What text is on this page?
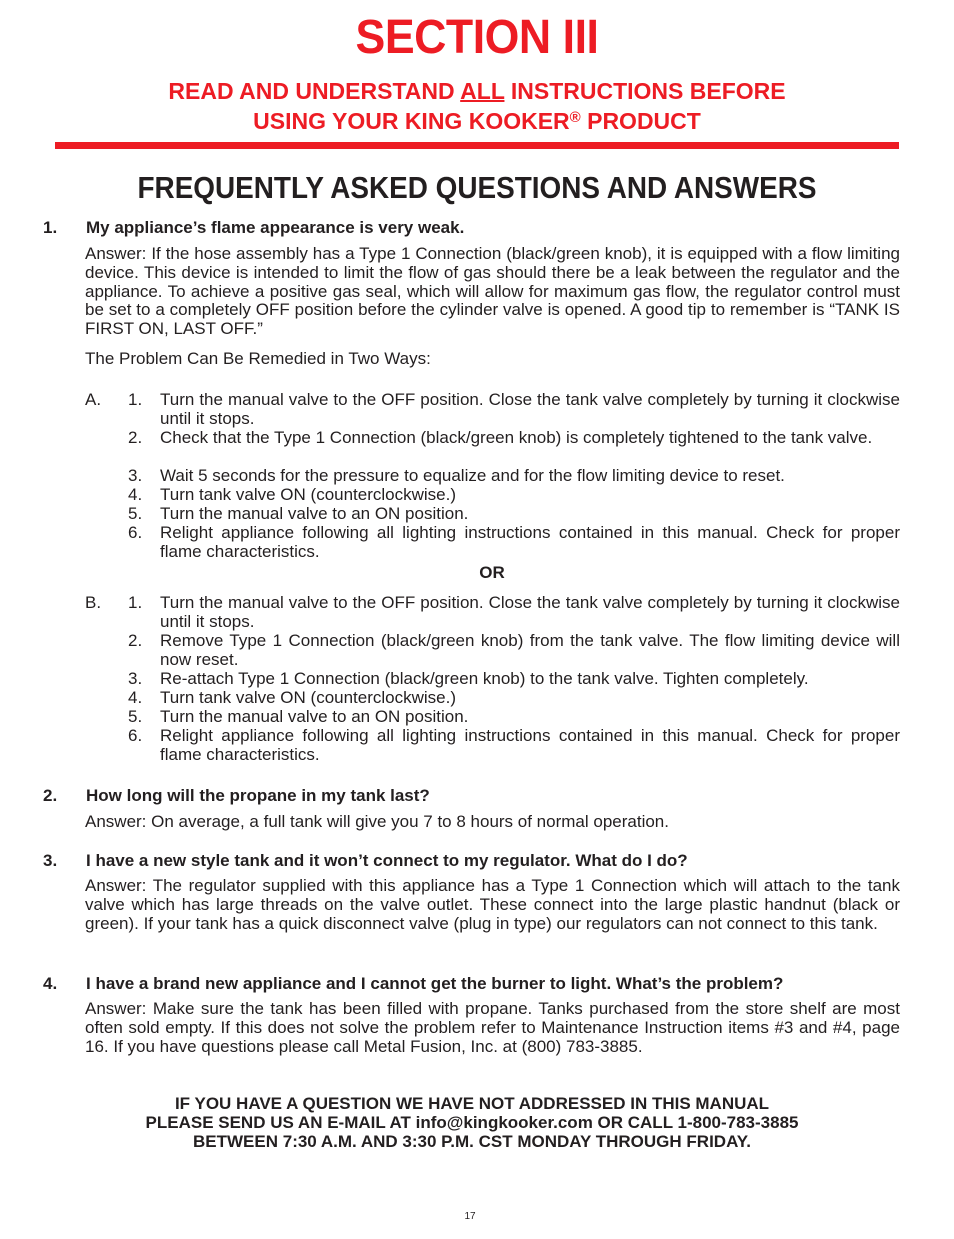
SECTION III
READ AND UNDERSTAND ALL INSTRUCTIONS BEFORE
USING YOUR KING KOOKER® PRODUCT
FREQUENTLY ASKED QUESTIONS AND ANSWERS
1. My appliance’s flame appearance is very weak.
Answer: If the hose assembly has a Type 1 Connection (black/green knob), it is equipped with a flow limiting device. This device is intended to limit the flow of gas should there be a leak between the regulator and the appliance. To achieve a positive gas seal, which will allow for maximum gas flow, the regulator control must be set to a completely OFF position before the cylinder valve is opened. A good tip to remember is “TANK IS FIRST ON, LAST OFF.”
The Problem Can Be Remedied in Two Ways:
A. 1. Turn the manual valve to the OFF position. Close the tank valve completely by turning it clockwise until it stops.
2. Check that the Type 1 Connection (black/green knob) is completely tightened to the tank valve.
3. Wait 5 seconds for the pressure to equalize and for the flow limiting device to reset.
4. Turn tank valve ON (counterclockwise.)
5. Turn the manual valve to an ON position.
6. Relight appliance following all lighting instructions contained in this manual. Check for proper flame characteristics.
OR
B. 1. Turn the manual valve to the OFF position. Close the tank valve completely by turning it clockwise until it stops.
2. Remove Type 1 Connection (black/green knob) from the tank valve. The flow limiting device will now reset.
3. Re-attach Type 1 Connection (black/green knob) to the tank valve. Tighten completely.
4. Turn tank valve ON (counterclockwise.)
5. Turn the manual valve to an ON position.
6. Relight appliance following all lighting instructions contained in this manual. Check for proper flame characteristics.
2. How long will the propane in my tank last?
Answer: On average, a full tank will give you 7 to 8 hours of normal operation.
3. I have a new style tank and it won’t connect to my regulator. What do I do?
Answer: The regulator supplied with this appliance has a Type 1 Connection which will attach to the tank valve which has large threads on the valve outlet. These connect into the large plastic handnut (black or green). If your tank has a quick disconnect valve (plug in type) our regulators can not connect to this tank.
4. I have a brand new appliance and I cannot get the burner to light. What’s the problem?
Answer: Make sure the tank has been filled with propane. Tanks purchased from the store shelf are most often sold empty. If this does not solve the problem refer to Maintenance Instruction items #3 and #4, page 16. If you have questions please call Metal Fusion, Inc. at (800) 783-3885.
IF YOU HAVE A QUESTION WE HAVE NOT ADDRESSED IN THIS MANUAL
PLEASE SEND US AN E-MAIL AT info@kingkooker.com OR CALL 1-800-783-3885
BETWEEN 7:30 A.M. AND 3:30 P.M. CST MONDAY THROUGH FRIDAY.
17
